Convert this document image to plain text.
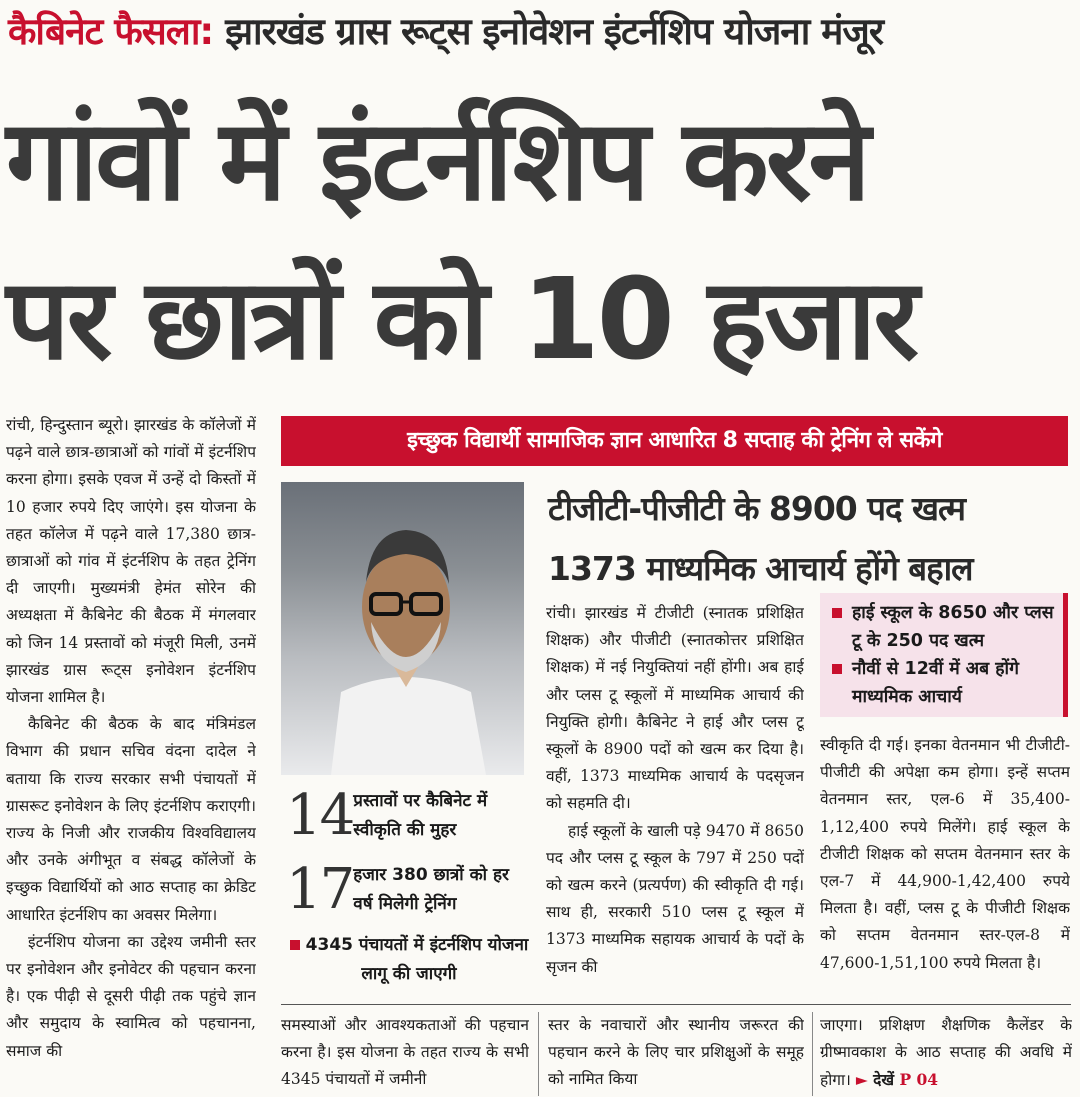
कैबिनेट फैसला: झारखंड ग्रास रूट्स इनोवेशन इंटर्नशिप योजना मंजूर
गांवों में इंटर्नशिप करने
पर छात्रों को 10 हजार

रांची, हिन्दुस्तान ब्यूरो। झारखंड के कॉलेजों में पढ़ने वाले छात्र-छात्राओं को गांवों में इंटर्नशिप करना होगा। इसके एवज में उन्हें दो किस्तों में 10 हजार रुपये दिए जाएंगे। इस योजना के तहत कॉलेज में पढ़ने वाले 17,380 छात्र-छात्राओं को गांव में इंटर्नशिप के तहत ट्रेनिंग दी जाएगी। मुख्यमंत्री हेमंत सोरेन की अध्यक्षता में कैबिनेट की बैठक में मंगलवार को जिन 14 प्रस्तावों को मंजूरी मिली, उनमें झारखंड ग्रास रूट्स इनोवेशन इंटर्नशिप योजना शामिल है।

कैबिनेट की बैठक के बाद मंत्रिमंडल विभाग की प्रधान सचिव वंदना दादेल ने बताया कि राज्य सरकार सभी पंचायतों में ग्रासरूट इनोवेशन के लिए इंटर्नशिप कराएगी। राज्य के निजी और राजकीय विश्वविद्यालय और उनके अंगीभूत व संबद्ध कॉलेजों के इच्छुक विद्यार्थियों को आठ सप्ताह का क्रेडिट आधारित इंटर्नशिप का अवसर मिलेगा।

इंटर्नशिप योजना का उद्देश्य जमीनी स्तर पर इनोवेशन और इनोवेटर की पहचान करना है। एक पीढ़ी से दूसरी पीढ़ी तक पहुंचे ज्ञान और समुदाय के स्वामित्व को पहचानना, समाज की

इच्छुक विद्यार्थी सामाजिक ज्ञान आधारित 8 सप्ताह की ट्रेनिंग ले सकेंगे
टीजीटी-पीजीटी के 8900 पद खत्म
1373 माध्यमिक आचार्य होंगे बहाल

रांची। झारखंड में टीजीटी (स्नातक प्रशिक्षित शिक्षक) और पीजीटी (स्नातकोत्तर प्रशिक्षित शिक्षक) में नई नियुक्तियां नहीं होंगी। अब हाई और प्लस टू स्कूलों में माध्यमिक आचार्य की नियुक्ति होगी। कैबिनेट ने हाई और प्लस टू स्कूलों के 8900 पदों को खत्म कर दिया है। वहीं, 1373 माध्यमिक आचार्य के पदसृजन को सहमति दी।

हाई स्कूलों के खाली पड़े 9470 में 8650 पद और प्लस टू स्कूल के 797 में 250 पदों को खत्म करने (प्रत्यर्पण) की स्वीकृति दी गई। साथ ही, सरकारी 510 प्लस टू स्कूल में 1373 माध्यमिक सहायक आचार्य के पदों के सृजन की

हाई स्कूल के 8650 और प्लस टू के 250 पद खत्म
नौवीं से 12वीं में अब होंगे माध्यमिक आचार्य

स्वीकृति दी गई। इनका वेतनमान भी टीजीटी-पीजीटी की अपेक्षा कम होगा। इन्हें सप्तम वेतनमान स्तर, एल-6 में 35,400-1,12,400 रुपये मिलेंगे। हाई स्कूल के टीजीटी शिक्षक को सप्तम वेतनमान स्तर के एल-7 में 44,900-1,42,400 रुपये मिलता है। वहीं, प्लस टू के पीजीटी शिक्षक को सप्तम वेतनमान स्तर-एल-8 में 47,600-1,51,100 रुपये मिलता है।

14 प्रस्तावों पर कैबिनेट में स्वीकृति की मुहर
17 हजार 380 छात्रों को हर वर्ष मिलेगी ट्रेनिंग
4345 पंचायतों में इंटर्नशिप योजना लागू की जाएगी

समस्याओं और आवश्यकताओं की पहचान करना है। इस योजना के तहत राज्य के सभी 4345 पंचायतों में जमीनी

स्तर के नवाचारों और स्थानीय जरूरत की पहचान करने के लिए चार प्रशिक्षुओं के समूह को नामित किया

जाएगा। प्रशिक्षण शैक्षणिक कैलेंडर के ग्रीष्मावकाश के आठ सप्ताह की अवधि में होगा। ► देखें P 04
